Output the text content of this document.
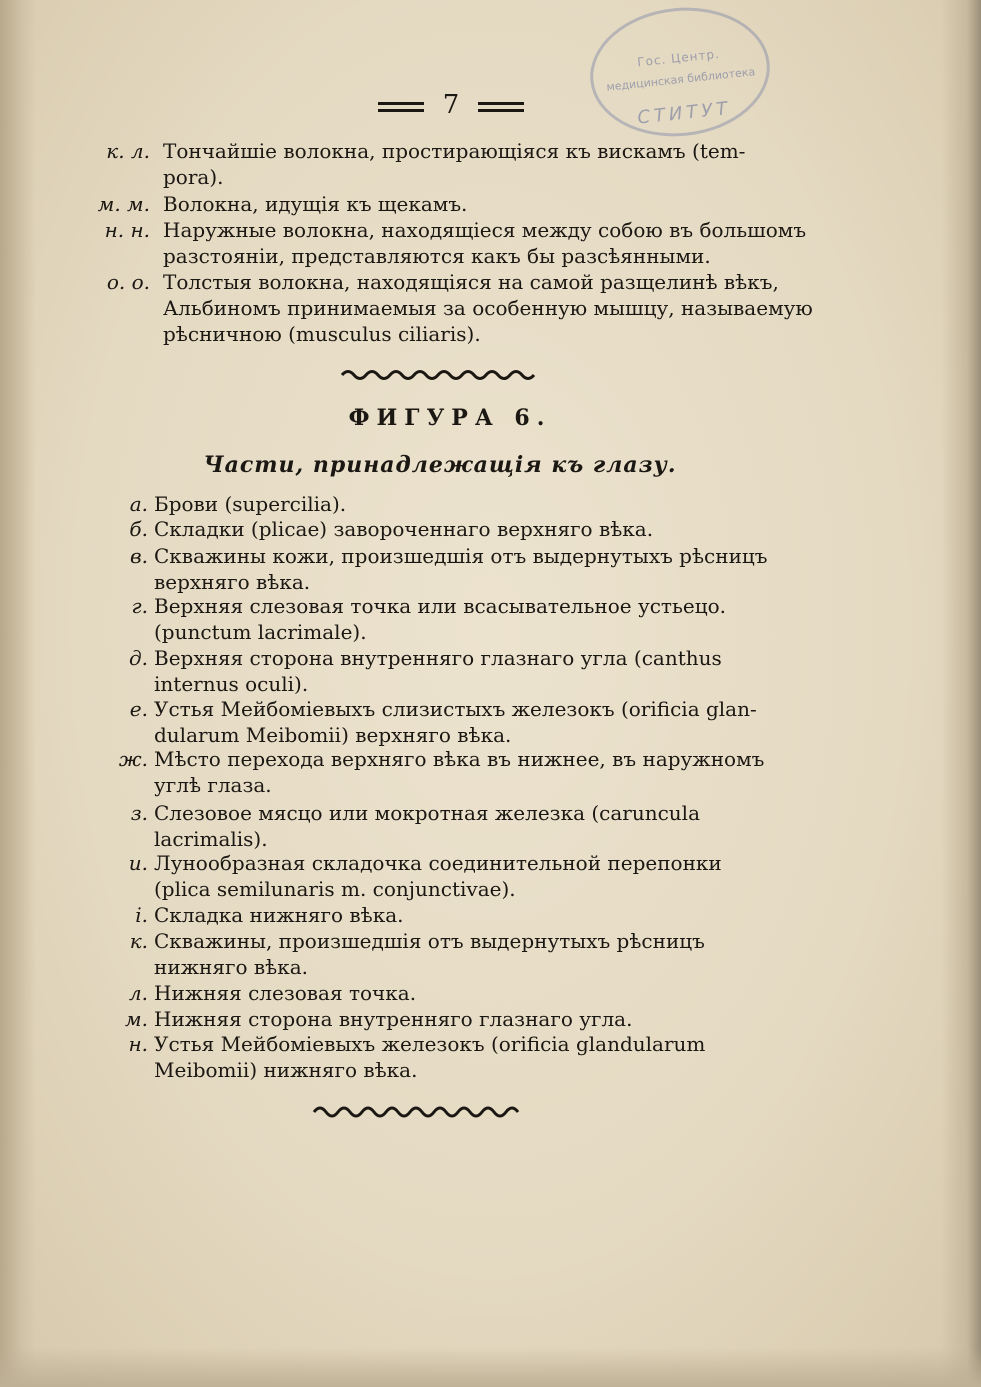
Гос. Центр.
медицинская библиотека
СТИТУТ
7
к. л. Тончайшіе волокна, простирающіяся къ вискамъ (tem-
pora).
м. м. Волокна, идущія къ щекамъ.
н. н. Наружные волокна, находящіеся между собою въ большомъ
разстояніи, представляются какъ бы разсѣянными.
о. о. Толстыя волокна, находящіяся на самой разщелинѣ вѣкъ,
Альбиномъ принимаемыя за особенную мышцу, называемую
рѣсничною (musculus ciliaris).
ФИГУРА 6.
Части, принадлежащія къ глазу.
а. Брови (supercilia).
б. Складки (plicae) завороченнаго верхняго вѣка.
в. Скважины кожи, произшедшія отъ выдернутыхъ рѣсницъ
верхняго вѣка.
г. Верхняя слезовая точка или всасывательное устьецо.
(punctum lacrimale).
д. Верхняя сторона внутренняго глазнаго угла (canthus
internus oculi).
е. Устья Мейбоміевыхъ слизистыхъ железокъ (orificia glan-
dularum Meibomii) верхняго вѣка.
ж. Мѣсто перехода верхняго вѣка въ нижнее, въ наружномъ
углѣ глаза.
з. Слезовое мясцо или мокротная железка (caruncula
lacrimalis).
и. Лунообразная складочка соединительной перепонки
(plica semilunaris m. conjunctivae).
і. Складка нижняго вѣка.
к. Скважины, произшедшія отъ выдернутыхъ рѣсницъ
нижняго вѣка.
л. Нижняя слезовая точка.
м. Нижняя сторона внутренняго глазнаго угла.
н. Устья Мейбоміевыхъ железокъ (orificia glandularum
Meibomii) нижняго вѣка.
